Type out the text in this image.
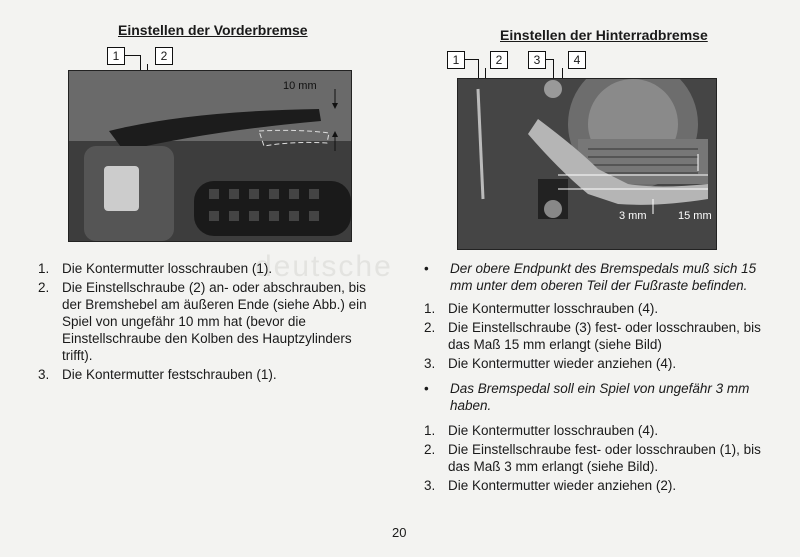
deutsche
Einstellen der Vorderbremse
1	2
10 mm
1. Die Kontermutter losschrauben (1).
2. Die Einstellschraube (2) an- oder abschrauben, bis der Bremshebel am äußeren Ende (siehe Abb.) ein Spiel von ungefähr 10 mm hat (bevor die Einstellschraube den Kolben des Hauptzylinders trifft).
3. Die Kontermutter festschrauben (1).
Einstellen der Hinterradbremse
1	2	3	4
3 mm	15 mm
•	Der obere Endpunkt des Bremspedals muß sich 15 mm unter dem oberen Teil der Fußraste befinden.
1. Die Kontermutter losschrauben (4).
2. Die Einstellschraube (3) fest- oder losschrauben, bis das Maß 15 mm erlangt (siehe Bild)
3. Die Kontermutter wieder anziehen (4).
•	Das Bremspedal soll ein Spiel von ungefähr 3 mm haben.
1. Die Kontermutter losschrauben (4).
2. Die Einstellschraube fest- oder losschrauben (1), bis das Maß 3 mm erlangt (siehe Bild).
3. Die Kontermutter wieder anziehen (2).
20
